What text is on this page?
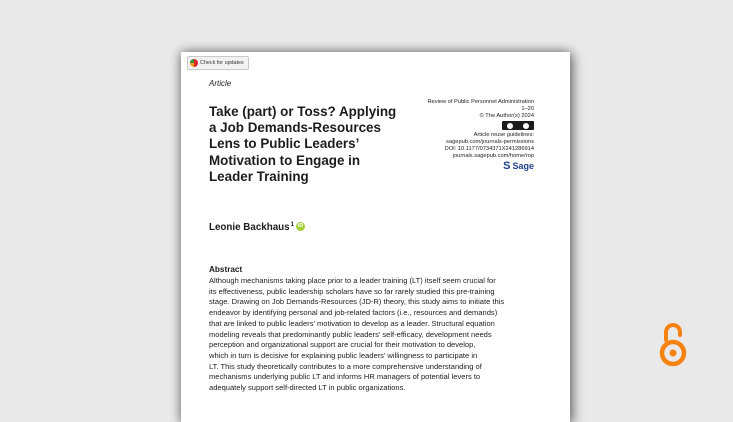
Check for updates
Article
Take (part) or Toss? Applying
a Job Demands-Resources
Lens to Public Leaders’
Motivation to Engage in
Leader Training
Review of Public Personnel Administration
1–20
© The Author(s) 2024
Article reuse guidelines:
sagepub.com/journals-permissions
DOI: 10.1177/0734371X241286914
journals.sagepub.com/home/rop
S Sage
Leonie Backhaus$^1$ iD
Abstract
Although mechanisms taking place prior to a leader training (LT) itself seem crucial for
its effectiveness, public leadership scholars have so far rarely studied this pre-training
stage. Drawing on Job Demands-Resources (JD-R) theory, this study aims to initiate this
endeavor by identifying personal and job-related factors (i.e., resources and demands)
that are linked to public leaders’ motivation to develop as a leader. Structural equation
modeling reveals that predominantly public leaders’ self-efficacy, development needs
perception and organizational support are crucial for their motivation to develop,
which in turn is decisive for explaining public leaders’ willingness to participate in
LT. This study theoretically contributes to a more comprehensive understanding of
mechanisms underlying public LT and informs HR managers of potential levers to
adequately support self-directed LT in public organizations.
